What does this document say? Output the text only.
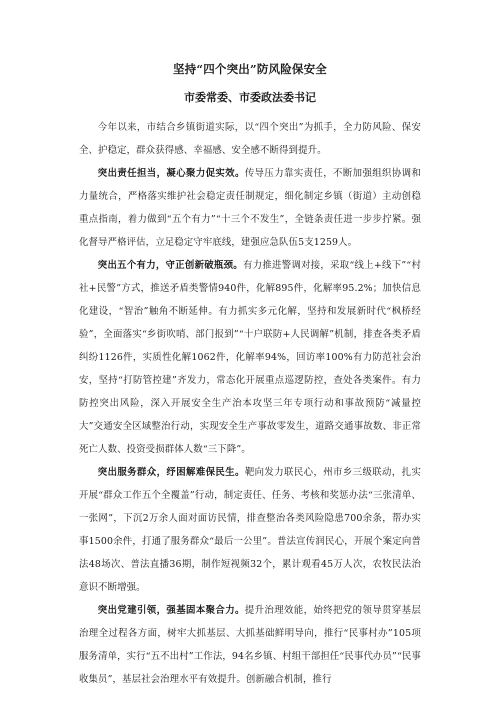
坚持“四个突出”防风险保安全
市委常委、市委政法委书记

今年以来，市结合乡镇街道实际，以“四个突出”为抓手，全力防风险、保安全、护稳定，群众获得感、幸福感、安全感不断得到提升。

突出责任担当，凝心聚力促实效。传导压力靠实责任，不断加强组织协调和力量统合，严格落实维护社会稳定责任制规定，细化制定乡镇（街道）主动创稳重点指南，着力做到“五个有力”“十三个不发生”，全链条责任进一步步拧紧。强化督导严格评估，立足稳定守牢底线，建强应急队伍5支1259人。

突出五个有力，守正创新破瓶颈。有力推进警调对接，采取“线上+线下”“村社+民警”方式，推送矛盾类警情940件，化解895件，化解率95.2%；加快信息化建设，“智治”触角不断延伸。有力抓实多元化解，坚持和发展新时代“枫桥经验”，全面落实“乡街吹哨、部门报到”“十户联防+人民调解”机制，排查各类矛盾纠纷1126件，实质性化解1062件，化解率94%，回访率100%有力防范社会治安，坚持“打防管控建”齐发力，常态化开展重点巡逻防控，查处各类案件。有力防控突出风险，深入开展安全生产治本攻坚三年专项行动和事故预防“减量控大”交通安全区域整治行动，实现安全生产事故零发生，道路交通事故数、非正常死亡人数、投资受损群体人数“三下降”。

突出服务群众，纾困解难保民生。靶向发力联民心，州市乡三级联动，扎实开展“群众工作五个全覆盖”行动，制定责任、任务、考核和奖惩办法“三张清单、一张网”，下沉2万余人面对面访民情，排查整治各类风险隐患700余条，帮办实事1500余件，打通了服务群众“最后一公里”。普法宣传润民心，开展个案定向普法48场次、普法直播36期，制作短视频32个，累计观看45万人次，农牧民法治意识不断增强。

突出党建引领，强基固本聚合力。提升治理效能，始终把党的领导贯穿基层治理全过程各方面，树牢大抓基层、大抓基础鲜明导向，推行“民事村办”105项服务清单，实行“五不出村”工作法，94名乡镇、村组干部担任“民事代办员”“民事收集员”，基层社会治理水平有效提升。创新融合机制，推行
